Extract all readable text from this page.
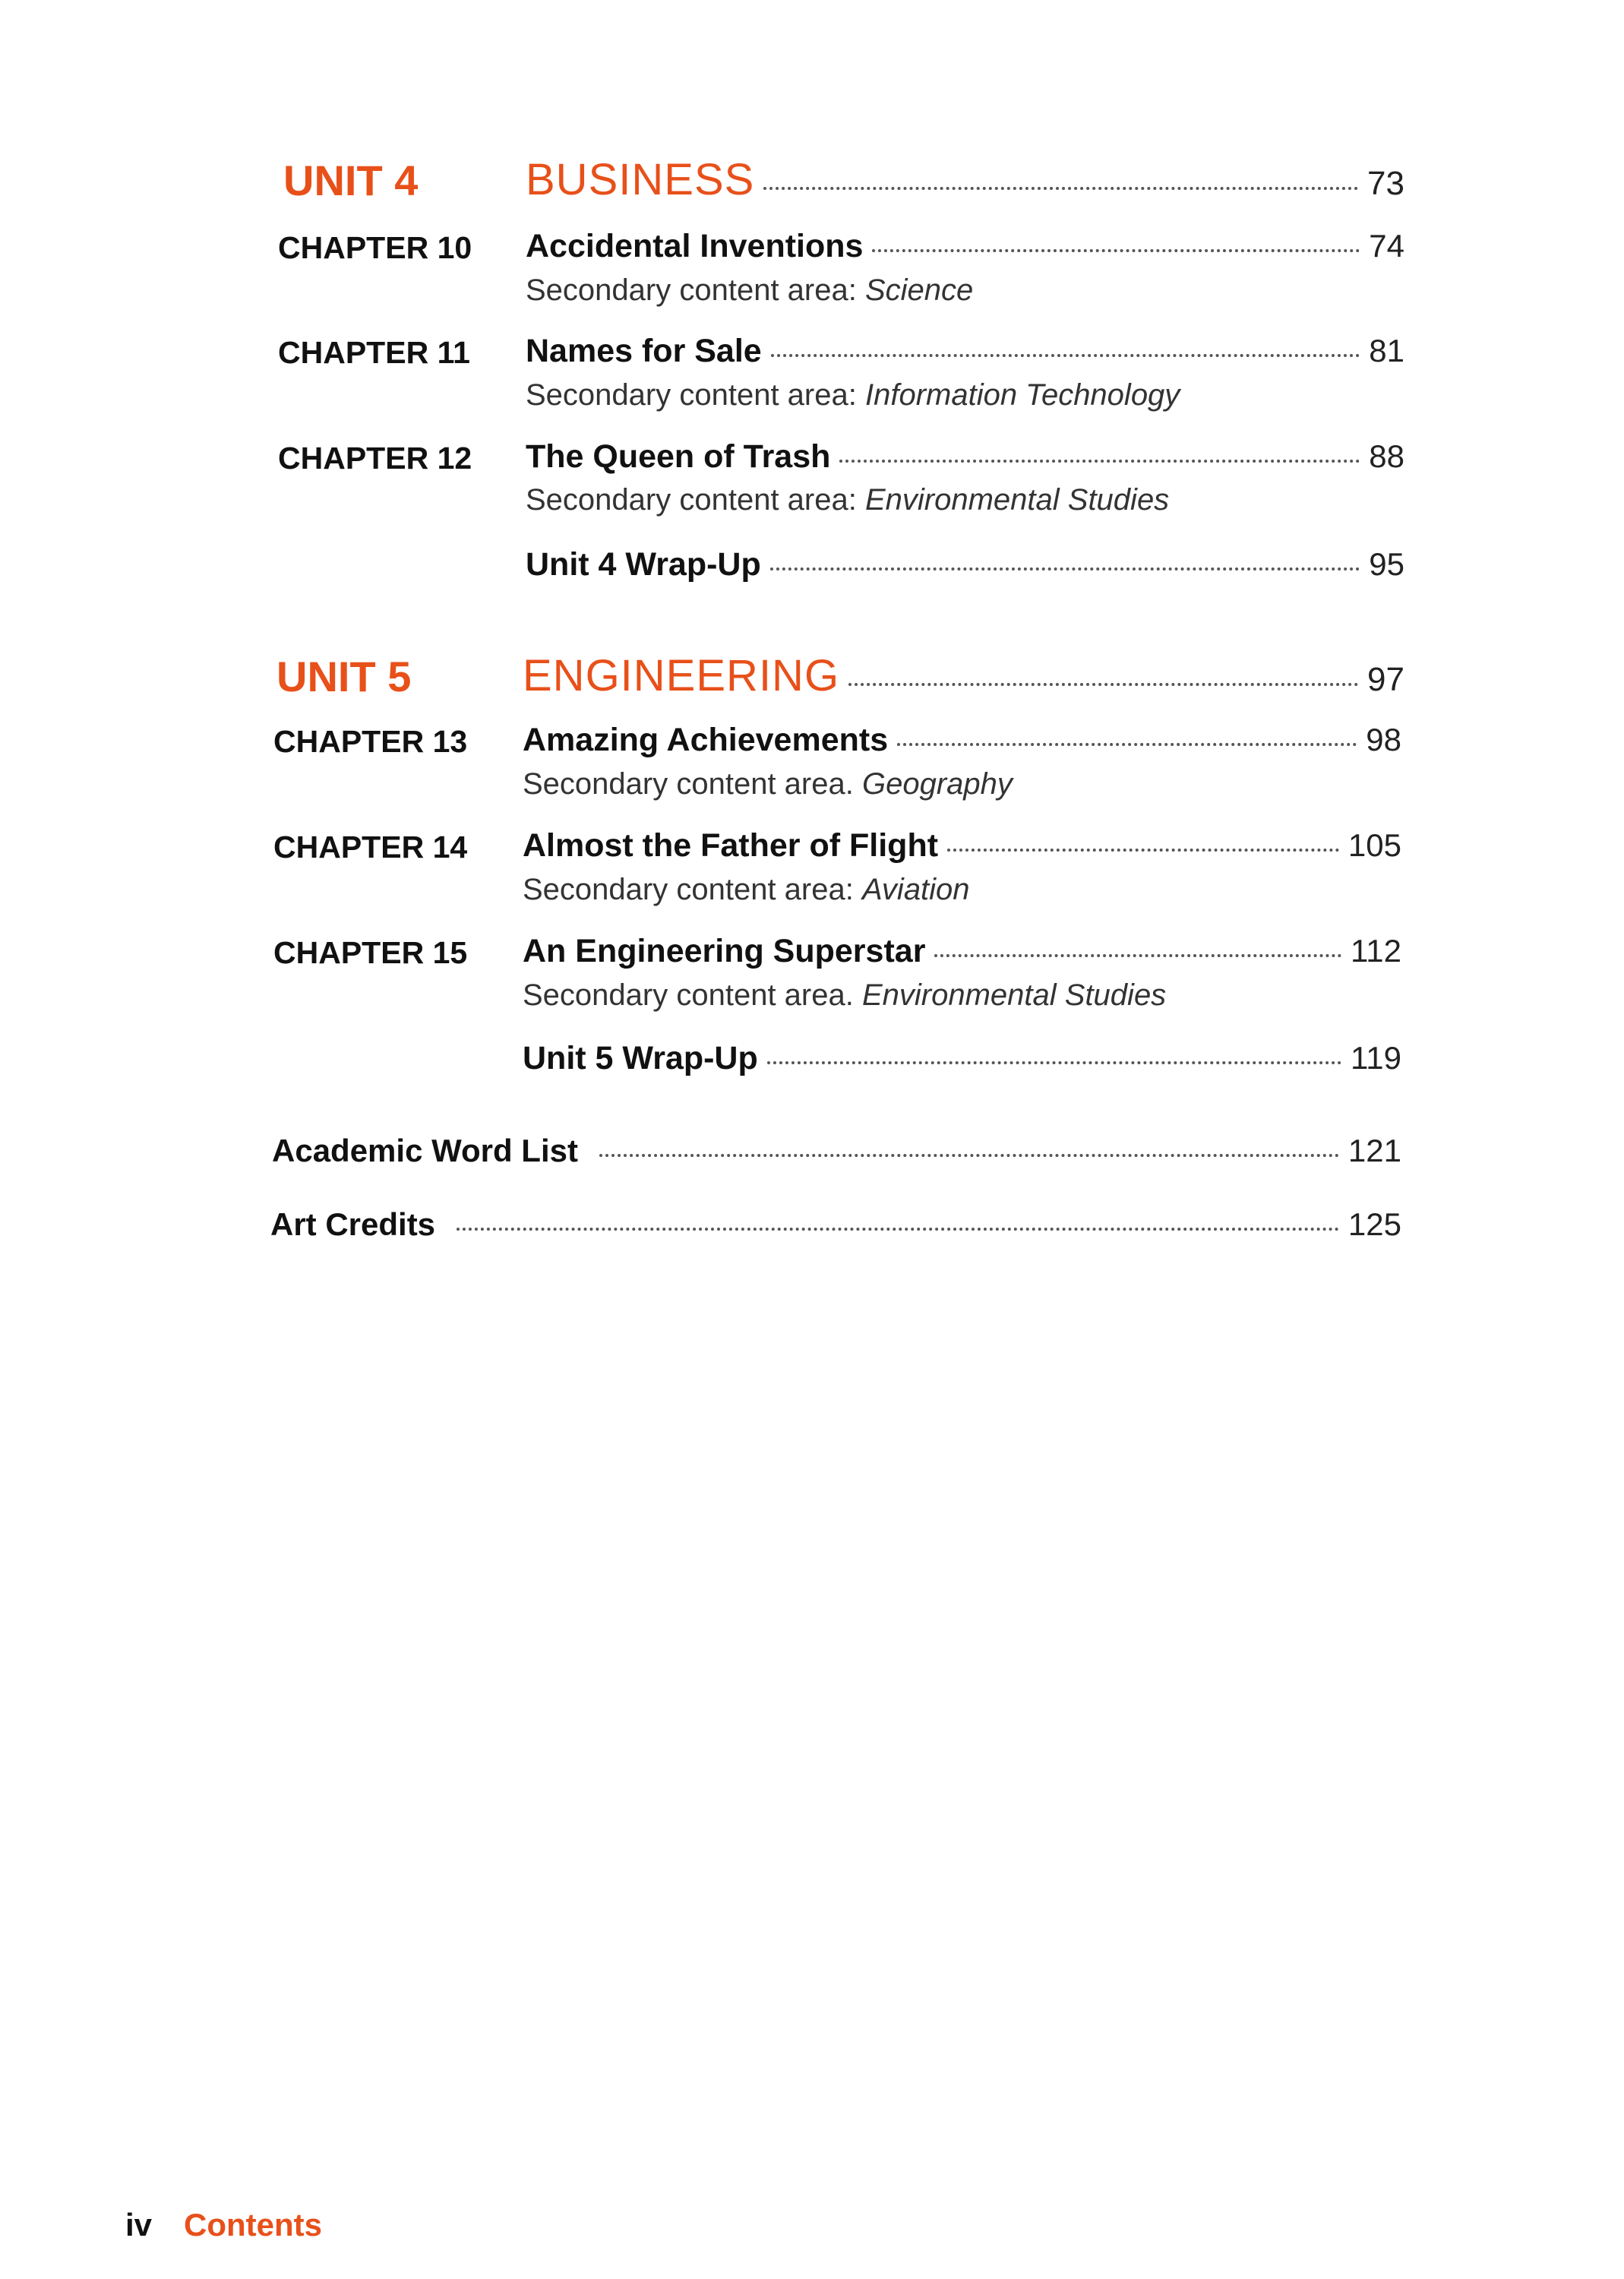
UNIT 4 BUSINESS	73
CHAPTER 10 Accidental Inventions	74
Secondary content area: Science
CHAPTER 11 Names for Sale	81
Secondary content area: Information Technology
CHAPTER 12 The Queen of Trash	88
Secondary content area: Environmental Studies
Unit 4 Wrap-Up	95
UNIT 5	ENGINEERING	97
CHAPTER 13 Amazing Achievements	98
Secondary content area. Geography
CHAPTER 14 Almost the Father of Flight	105
Secondary content area: Aviation
CHAPTER 15 An Engineering Superstar	112
Secondary content area. Environmental Studies
Unit 5 Wrap-Up	119
Academic Word List	121
Art Credits	125
iv Contents
